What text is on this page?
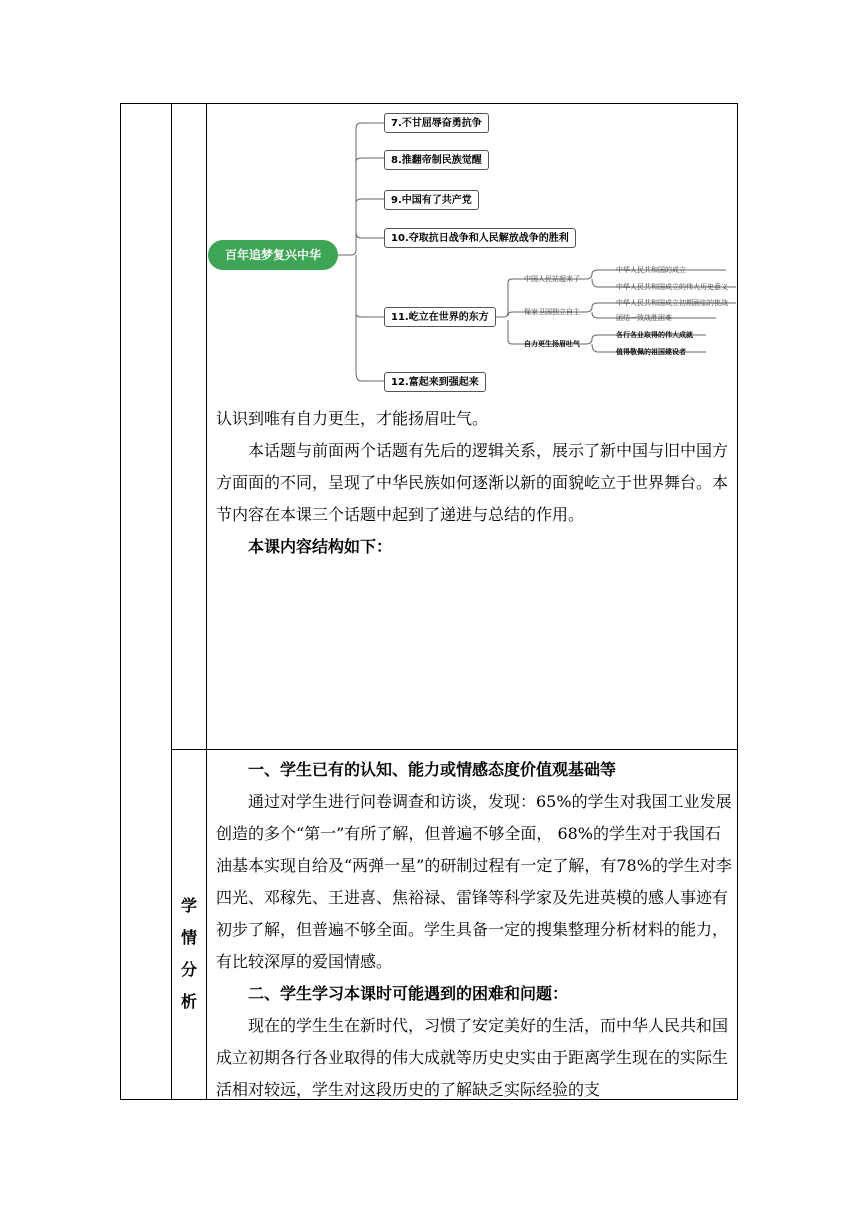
学
情
分
析
百年追梦复兴中华
7.不甘屈辱奋勇抗争
8.推翻帝制民族觉醒
9.中国有了共产党
10.夺取抗日战争和人民解放战争的胜利
11.屹立在世界的东方
12.富起来到强起来
中国人民站起来了
中华人民共和国的成立
中华人民共和国成立的伟大历史意义
保家卫国独立自主
中华人民共和国成立初期面临的挑战
团结一致战胜困难
自力更生扬眉吐气
各行各业取得的伟大成就
值得敬佩的祖国建设者

认识到唯有自力更生，才能扬眉吐气。

本话题与前面两个话题有先后的逻辑关系，展示了新中国与旧中国方方面面的不同，呈现了中华民族如何逐渐以新的面貌屹立于世界舞台。本节内容在本课三个话题中起到了递进与总结的作用。

本课内容结构如下：

一、学生已有的认知、能力或情感态度价值观基础等

通过对学生进行问卷调查和访谈，发现：65%的学生对我国工业发展创造的多个“第一”有所了解，但普遍不够全面， 68%的学生对于我国石油基本实现自给及“两弹一星”的研制过程有一定了解，有78%的学生对李四光、邓稼先、王进喜、焦裕禄、雷锋等科学家及先进英模的感人事迹有初步了解，但普遍不够全面。学生具备一定的搜集整理分析材料的能力，有比较深厚的爱国情感。

二、学生学习本课时可能遇到的困难和问题：

现在的学生生在新时代，习惯了安定美好的生活，而中华人民共和国成立初期各行各业取得的伟大成就等历史史实由于距离学生现在的实际生活相对较远，学生对这段历史的了解缺乏实际经验的支
